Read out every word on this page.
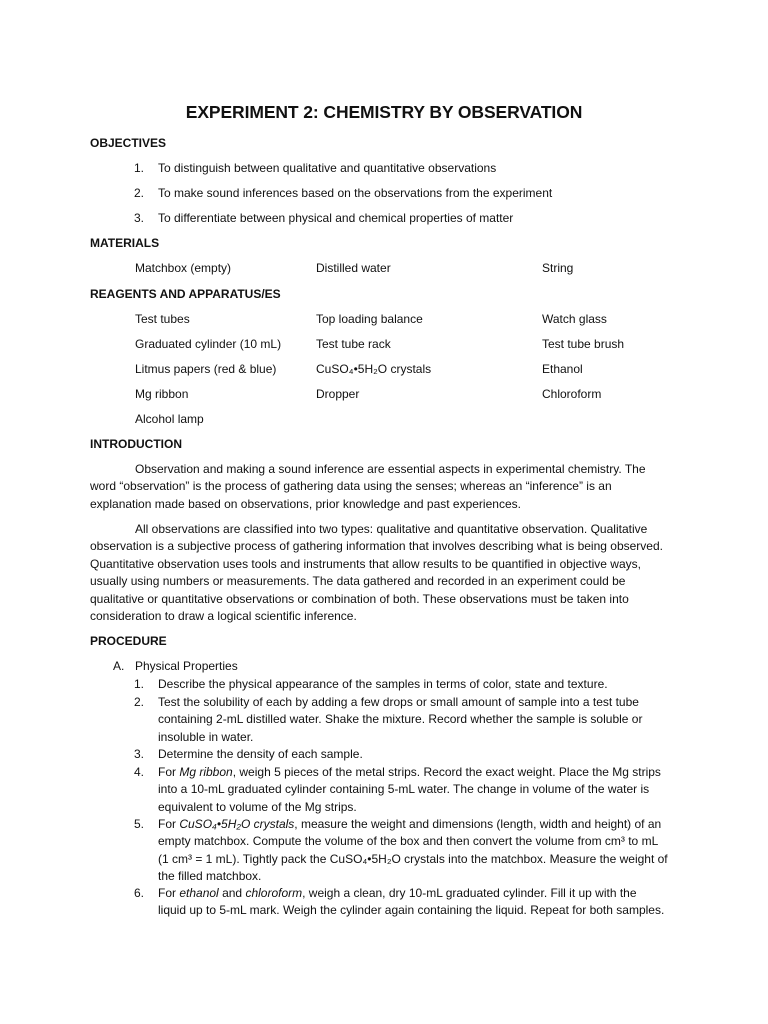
EXPERIMENT 2: CHEMISTRY BY OBSERVATION
OBJECTIVES
1. To distinguish between qualitative and quantitative observations
2. To make sound inferences based on the observations from the experiment
3. To differentiate between physical and chemical properties of matter
MATERIALS
Matchbox (empty)	Distilled water	String
REAGENTS AND APPARATUS/ES
Test tubes	Top loading balance	Watch glass
Graduated cylinder (10 mL)	Test tube rack	Test tube brush
Litmus papers (red & blue)	CuSO₄•5H₂O crystals	Ethanol
Mg ribbon	Dropper	Chloroform
Alcohol lamp
INTRODUCTION
Observation and making a sound inference are essential aspects in experimental chemistry. The
word “observation” is the process of gathering data using the senses; whereas an “inference” is an
explanation made based on observations, prior knowledge and past experiences.
All observations are classified into two types: qualitative and quantitative observation. Qualitative
observation is a subjective process of gathering information that involves describing what is being observed.
Quantitative observation uses tools and instruments that allow results to be quantified in objective ways,
usually using numbers or measurements. The data gathered and recorded in an experiment could be
qualitative or quantitative observations or combination of both. These observations must be taken into
consideration to draw a logical scientific inference.
PROCEDURE
A. Physical Properties
1. Describe the physical appearance of the samples in terms of color, state and texture.
2. Test the solubility of each by adding a few drops or small amount of sample into a test tube
containing 2-mL distilled water. Shake the mixture. Record whether the sample is soluble or
insoluble in water.
3. Determine the density of each sample.
4. For Mg ribbon, weigh 5 pieces of the metal strips. Record the exact weight. Place the Mg strips
into a 10-mL graduated cylinder containing 5-mL water. The change in volume of the water is
equivalent to volume of the Mg strips.
5. For CuSO₄•5H₂O crystals, measure the weight and dimensions (length, width and height) of an
empty matchbox. Compute the volume of the box and then convert the volume from cm³ to mL
(1 cm³ = 1 mL). Tightly pack the CuSO₄•5H₂O crystals into the matchbox. Measure the weight of
the filled matchbox.
6. For ethanol and chloroform, weigh a clean, dry 10-mL graduated cylinder. Fill it up with the
liquid up to 5-mL mark. Weigh the cylinder again containing the liquid. Repeat for both samples.
